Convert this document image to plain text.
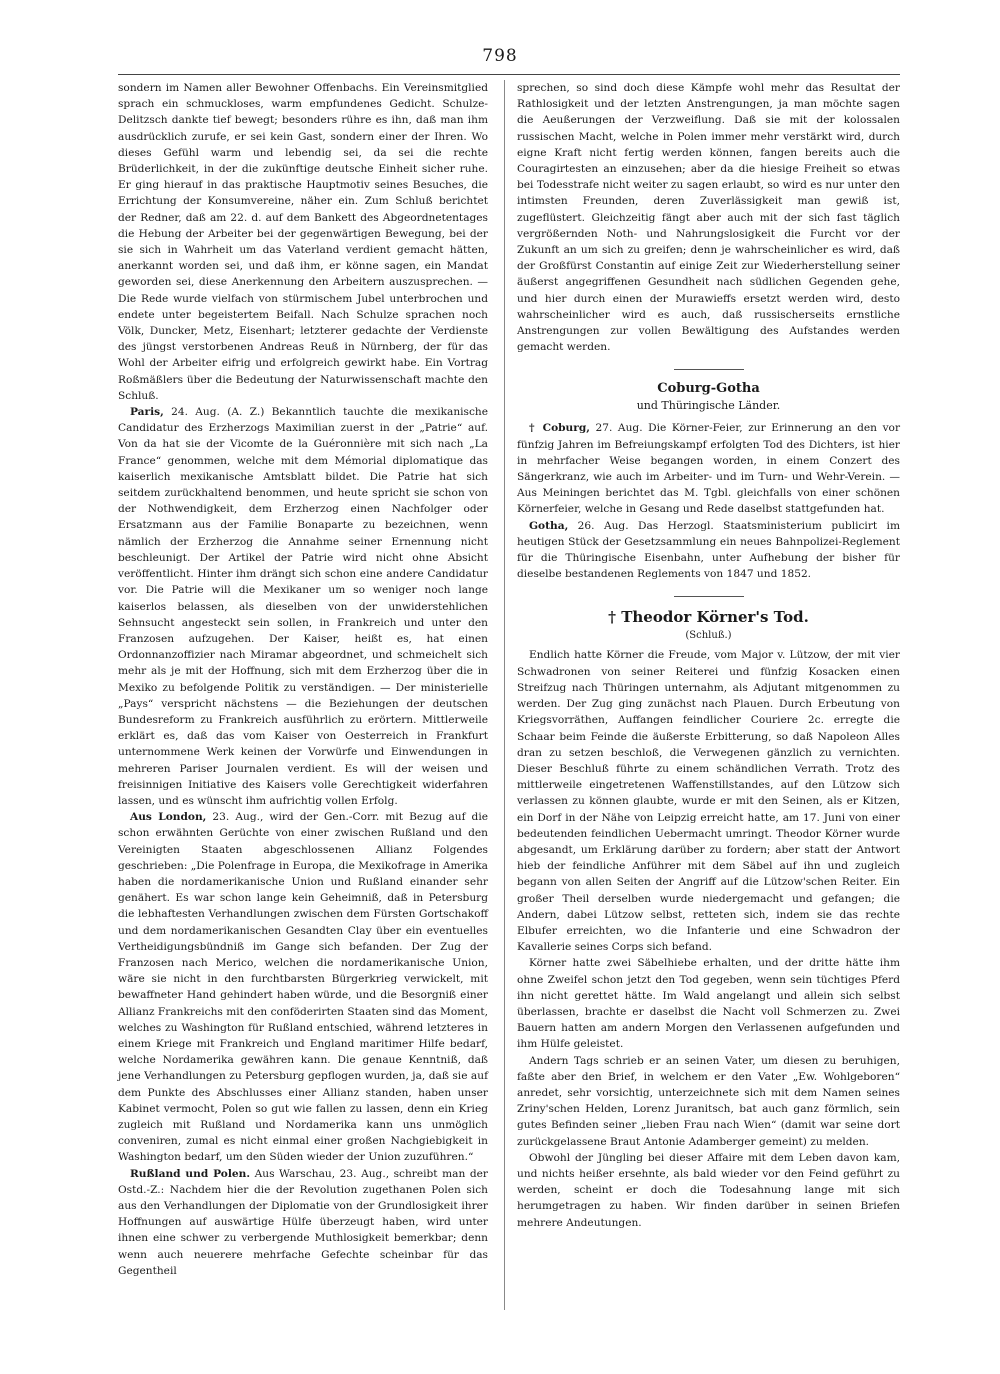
798

sondern im Namen aller Bewohner Offenbachs. Ein Vereinsmitglied sprach ein schmuckloses, warm empfundenes Gedicht. Schulze-Delitzsch dankte tief bewegt; besonders rühre es ihn, daß man ihm ausdrücklich zurufe, er sei kein Gast, sondern einer der Ihren. Wo dieses Gefühl warm und lebendig sei, da sei die rechte Brüderlichkeit, in der die zukünftige deutsche Einheit sicher ruhe. Er ging hierauf in das praktische Hauptmotiv seines Besuches, die Errichtung der Konsumvereine, näher ein. Zum Schluß berichtet der Redner, daß am 22. d. auf dem Bankett des Abgeordnetentages die Hebung der Arbeiter bei der gegenwärtigen Bewegung, bei der sie sich in Wahrheit um das Vaterland verdient gemacht hätten, anerkannt worden sei, und daß ihm, er könne sagen, ein Mandat geworden sei, diese Anerkennung den Arbeitern auszusprechen. — Die Rede wurde vielfach von stürmischem Jubel unterbrochen und endete unter begeistertem Beifall. Nach Schulze sprachen noch Völk, Duncker, Metz, Eisenhart; letzterer gedachte der Verdienste des jüngst verstorbenen Andreas Reuß in Nürnberg, der für das Wohl der Arbeiter eifrig und erfolgreich gewirkt habe. Ein Vortrag Roßmäßlers über die Bedeutung der Naturwissenschaft machte den Schluß.

Paris, 24. Aug. (A. Z.) Bekanntlich tauchte die mexikanische Candidatur des Erzherzogs Maximilian zuerst in der „Patrie“ auf. Von da hat sie der Vicomte de la Guéronnière mit sich nach „La France“ genommen, welche mit dem Mémorial diplomatique das kaiserlich mexikanische Amtsblatt bildet. Die Patrie hat sich seitdem zurückhaltend benommen, und heute spricht sie schon von der Nothwendigkeit, dem Erzherzog einen Nachfolger oder Ersatzmann aus der Familie Bonaparte zu bezeichnen, wenn nämlich der Erzherzog die Annahme seiner Ernennung nicht beschleunigt. Der Artikel der Patrie wird nicht ohne Absicht veröffentlicht. Hinter ihm drängt sich schon eine andere Candidatur vor. Die Patrie will die Mexikaner um so weniger noch lange kaiserlos belassen, als dieselben von der unwiderstehlichen Sehnsucht angesteckt sein sollen, in Frankreich und unter den Franzosen aufzugehen. Der Kaiser, heißt es, hat einen Ordonnanzoffizier nach Miramar abgeordnet, und schmeichelt sich mehr als je mit der Hoffnung, sich mit dem Erzherzog über die in Mexiko zu befolgende Politik zu verständigen. — Der ministerielle „Pays“ verspricht nächstens — die Beziehungen der deutschen Bundesreform zu Frankreich ausführlich zu erörtern. Mittlerweile erklärt es, daß das vom Kaiser von Oesterreich in Frankfurt unternommene Werk keinen der Vorwürfe und Einwendungen in mehreren Pariser Journalen verdient. Es will der weisen und freisinnigen Initiative des Kaisers volle Gerechtigkeit widerfahren lassen, und es wünscht ihm aufrichtig vollen Erfolg.

Aus London, 23. Aug., wird der Gen.-Corr. mit Bezug auf die schon erwähnten Gerüchte von einer zwischen Rußland und den Vereinigten Staaten abgeschlossenen Allianz Folgendes geschrieben: „Die Polenfrage in Europa, die Mexikofrage in Amerika haben die nordamerikanische Union und Rußland einander sehr genähert. Es war schon lange kein Geheimniß, daß in Petersburg die lebhaftesten Verhandlungen zwischen dem Fürsten Gortschakoff und dem nordamerikanischen Gesandten Clay über ein eventuelles Vertheidigungsbündniß im Gange sich befanden. Der Zug der Franzosen nach Merico, welchen die nordamerikanische Union, wäre sie nicht in den furchtbarsten Bürgerkrieg verwickelt, mit bewaffneter Hand gehindert haben würde, und die Besorgniß einer Allianz Frankreichs mit den conföderirten Staaten sind das Moment, welches zu Washington für Rußland entschied, während letzteres in einem Kriege mit Frankreich und England maritimer Hilfe bedarf, welche Nordamerika gewähren kann. Die genaue Kenntniß, daß jene Verhandlungen zu Petersburg gepflogen wurden, ja, daß sie auf dem Punkte des Abschlusses einer Allianz standen, haben unser Kabinet vermocht, Polen so gut wie fallen zu lassen, denn ein Krieg zugleich mit Rußland und Nordamerika kann uns unmöglich conveniren, zumal es nicht einmal einer großen Nachgiebigkeit in Washington bedarf, um den Süden wieder der Union zuzuführen.“

Rußland und Polen. Aus Warschau, 23. Aug., schreibt man der Ostd.-Z.: Nachdem hier die der Revolution zugethanen Polen sich aus den Verhandlungen der Diplomatie von der Grundlosigkeit ihrer Hoffnungen auf auswärtige Hülfe überzeugt haben, wird unter ihnen eine schwer zu verbergende Muthlosigkeit bemerkbar; denn wenn auch neuerere mehrfache Gefechte scheinbar für das Gegentheil

sprechen, so sind doch diese Kämpfe wohl mehr das Resultat der Rathlosigkeit und der letzten Anstrengungen, ja man möchte sagen die Aeußerungen der Verzweiflung. Daß sie mit der kolossalen russischen Macht, welche in Polen immer mehr verstärkt wird, durch eigne Kraft nicht fertig werden können, fangen bereits auch die Couragirtesten an einzusehen; aber da die hiesige Freiheit so etwas bei Todesstrafe nicht weiter zu sagen erlaubt, so wird es nur unter den intimsten Freunden, deren Zuverlässigkeit man gewiß ist, zugeflüstert. Gleichzeitig fängt aber auch mit der sich fast täglich vergrößernden Noth- und Nahrungslosigkeit die Furcht vor der Zukunft an um sich zu greifen; denn je wahrscheinlicher es wird, daß der Großfürst Constantin auf einige Zeit zur Wiederherstellung seiner äußerst angegriffenen Gesundheit nach südlichen Gegenden gehe, und hier durch einen der Murawieffs ersetzt werden wird, desto wahrscheinlicher wird es auch, daß russischerseits ernstliche Anstrengungen zur vollen Bewältigung des Aufstandes werden gemacht werden.

Coburg-Gotha
und Thüringische Länder.

† Coburg, 27. Aug. Die Körner-Feier, zur Erinnerung an den vor fünfzig Jahren im Befreiungskampf erfolgten Tod des Dichters, ist hier in mehrfacher Weise begangen worden, in einem Conzert des Sängerkranz, wie auch im Arbeiter- und im Turn- und Wehr-Verein. — Aus Meiningen berichtet das M. Tgbl. gleichfalls von einer schönen Körnerfeier, welche in Gesang und Rede daselbst stattgefunden hat.

Gotha, 26. Aug. Das Herzogl. Staatsministerium publicirt im heutigen Stück der Gesetzsammlung ein neues Bahnpolizei-Reglement für die Thüringische Eisenbahn, unter Aufhebung der bisher für dieselbe bestandenen Reglements von 1847 und 1852.

† Theodor Körner's Tod.
(Schluß.)

Endlich hatte Körner die Freude, vom Major v. Lützow, der mit vier Schwadronen von seiner Reiterei und fünfzig Kosacken einen Streifzug nach Thüringen unternahm, als Adjutant mitgenommen zu werden. Der Zug ging zunächst nach Plauen. Durch Erbeutung von Kriegsvorräthen, Auffangen feindlicher Couriere 2c. erregte die Schaar beim Feinde die äußerste Erbitterung, so daß Napoleon Alles dran zu setzen beschloß, die Verwegenen gänzlich zu vernichten. Dieser Beschluß führte zu einem schändlichen Verrath. Trotz des mittlerweile eingetretenen Waffenstillstandes, auf den Lützow sich verlassen zu können glaubte, wurde er mit den Seinen, als er Kitzen, ein Dorf in der Nähe von Leipzig erreicht hatte, am 17. Juni von einer bedeutenden feindlichen Uebermacht umringt. Theodor Körner wurde abgesandt, um Erklärung darüber zu fordern; aber statt der Antwort hieb der feindliche Anführer mit dem Säbel auf ihn und zugleich begann von allen Seiten der Angriff auf die Lützow'schen Reiter. Ein großer Theil derselben wurde niedergemacht und gefangen; die Andern, dabei Lützow selbst, retteten sich, indem sie das rechte Elbufer erreichten, wo die Infanterie und eine Schwadron der Kavallerie seines Corps sich befand.

Körner hatte zwei Säbelhiebe erhalten, und der dritte hätte ihm ohne Zweifel schon jetzt den Tod gegeben, wenn sein tüchtiges Pferd ihn nicht gerettet hätte. Im Wald angelangt und allein sich selbst überlassen, brachte er daselbst die Nacht voll Schmerzen zu. Zwei Bauern hatten am andern Morgen den Verlassenen aufgefunden und ihm Hülfe geleistet.

Andern Tags schrieb er an seinen Vater, um diesen zu beruhigen, faßte aber den Brief, in welchem er den Vater „Ew. Wohlgeboren“ anredet, sehr vorsichtig, unterzeichnete sich mit dem Namen seines Zriny'schen Helden, Lorenz Juranitsch, bat auch ganz förmlich, sein gutes Befinden seiner „lieben Frau nach Wien“ (damit war seine dort zurückgelassene Braut Antonie Adamberger gemeint) zu melden.

Obwohl der Jüngling bei dieser Affaire mit dem Leben davon kam, und nichts heißer ersehnte, als bald wieder vor den Feind geführt zu werden, scheint er doch die Todesahnung lange mit sich herumgetragen zu haben. Wir finden darüber in seinen Briefen mehrere Andeutungen.
